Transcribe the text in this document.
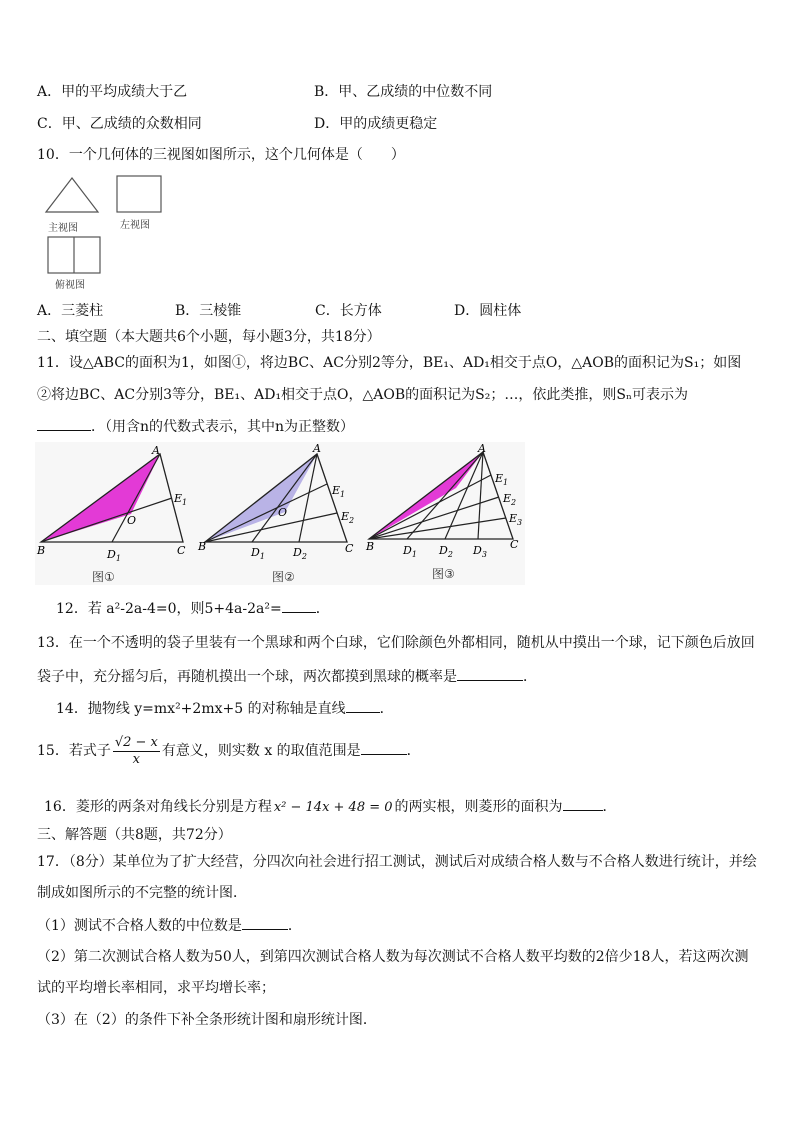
A．甲的平均成绩大于乙	B．甲、乙成绩的中位数不同
C．甲、乙成绩的众数相同	D．甲的成绩更稳定
10．一个几何体的三视图如图所示，这个几何体是（　　）
主视图	左视图
俯视图
A．三菱柱	B．三棱锥	C．长方体	D．圆柱体
二、填空题（本大题共6个小题，每小题3分，共18分）
11．设△ABC的面积为1，如图①，将边BC、AC分别2等分，BE₁、AD₁相交于点O，△AOB的面积记为S₁；如图
②将边BC、AC分别3等分，BE₁、AD₁相交于点O，△AOB的面积记为S₂；…，依此类推，则Sₙ可表示为
．（用含n的代数式表示，其中n为正整数）
A
B	C
$D_1$
$E_1$
O
A
B	C
$D_1$	$D_2$
$E_1$
$E_2$
O
A
B	C
$D_1$ $D_2$ $D_3$
$E_1$
$E_2$
$E_3$
图①	图②	图③
12．若 a²-2a-4=0，则5+4a-2a²= ．
13．在一个不透明的袋子里装有一个黑球和两个白球，它们除颜色外都相同，随机从中摸出一个球，记下颜色后放回
袋子中，充分摇匀后，再随机摸出一个球，两次都摸到黑球的概率是	．
14．抛物线 y=mx²+2mx+5 的对称轴是直线 ．
15．若式子 $\frac{√2 - x}{x}$ 有意义，则实数 x 的取值范围是	．
16．菱形的两条对角线长分别是方程 x² − 14x + 48 = 0 的两实根，则菱形的面积为	．
三、解答题（共8题，共72分）
17．（8分）某单位为了扩大经营，分四次向社会进行招工测试，测试后对成绩合格人数与不合格人数进行统计，并绘
制成如图所示的不完整的统计图．
（1）测试不合格人数的中位数是	．
（2）第二次测试合格人数为50人，到第四次测试合格人数为每次测试不合格人数平均数的2倍少18人，若这两次测
试的平均增长率相同，求平均增长率；
（3）在（2）的条件下补全条形统计图和扇形统计图．
